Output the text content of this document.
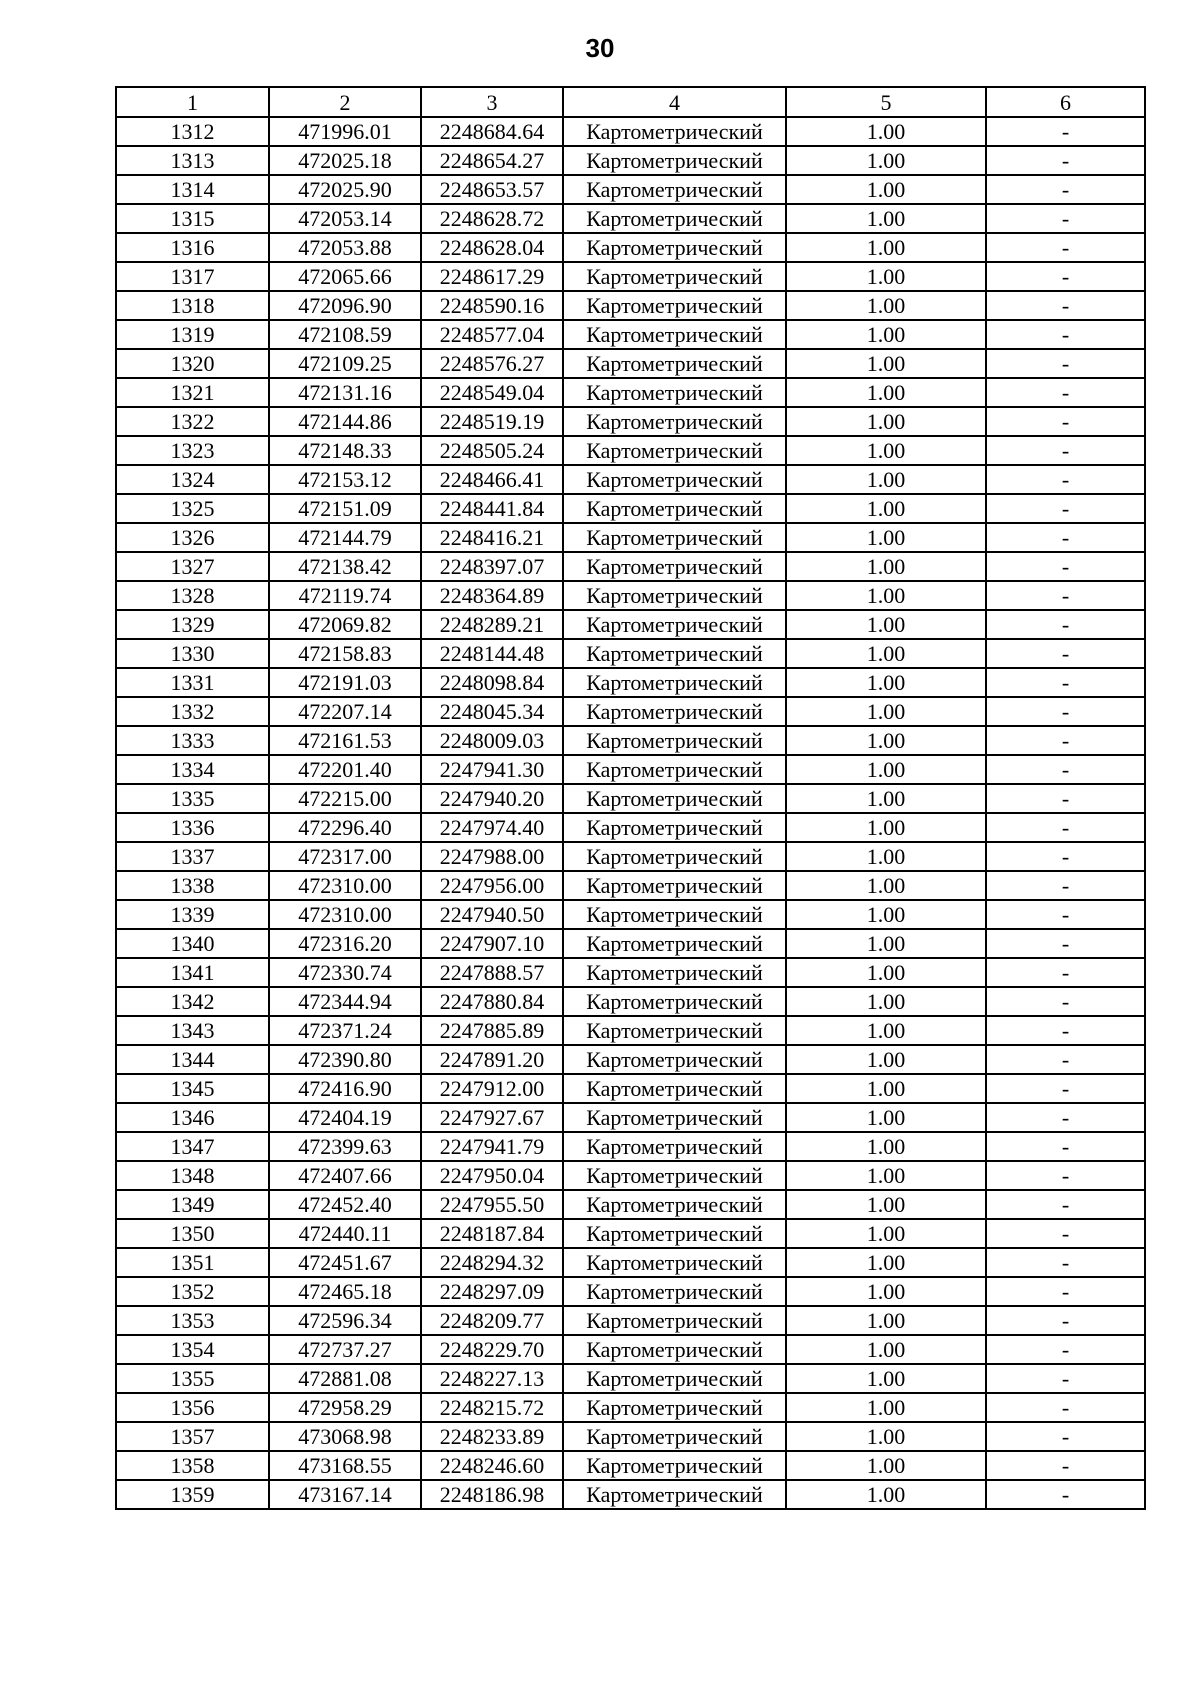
30
1	2	3	4	5	6
1312	471996.01	2248684.64	Картометрический	1.00	-
1313	472025.18	2248654.27	Картометрический	1.00	-
1314	472025.90	2248653.57	Картометрический	1.00	-
1315	472053.14	2248628.72	Картометрический	1.00	-
1316	472053.88	2248628.04	Картометрический	1.00	-
1317	472065.66	2248617.29	Картометрический	1.00	-
1318	472096.90	2248590.16	Картометрический	1.00	-
1319	472108.59	2248577.04	Картометрический	1.00	-
1320	472109.25	2248576.27	Картометрический	1.00	-
1321	472131.16	2248549.04	Картометрический	1.00	-
1322	472144.86	2248519.19	Картометрический	1.00	-
1323	472148.33	2248505.24	Картометрический	1.00	-
1324	472153.12	2248466.41	Картометрический	1.00	-
1325	472151.09	2248441.84	Картометрический	1.00	-
1326	472144.79	2248416.21	Картометрический	1.00	-
1327	472138.42	2248397.07	Картометрический	1.00	-
1328	472119.74	2248364.89	Картометрический	1.00	-
1329	472069.82	2248289.21	Картометрический	1.00	-
1330	472158.83	2248144.48	Картометрический	1.00	-
1331	472191.03	2248098.84	Картометрический	1.00	-
1332	472207.14	2248045.34	Картометрический	1.00	-
1333	472161.53	2248009.03	Картометрический	1.00	-
1334	472201.40	2247941.30	Картометрический	1.00	-
1335	472215.00	2247940.20	Картометрический	1.00	-
1336	472296.40	2247974.40	Картометрический	1.00	-
1337	472317.00	2247988.00	Картометрический	1.00	-
1338	472310.00	2247956.00	Картометрический	1.00	-
1339	472310.00	2247940.50	Картометрический	1.00	-
1340	472316.20	2247907.10	Картометрический	1.00	-
1341	472330.74	2247888.57	Картометрический	1.00	-
1342	472344.94	2247880.84	Картометрический	1.00	-
1343	472371.24	2247885.89	Картометрический	1.00	-
1344	472390.80	2247891.20	Картометрический	1.00	-
1345	472416.90	2247912.00	Картометрический	1.00	-
1346	472404.19	2247927.67	Картометрический	1.00	-
1347	472399.63	2247941.79	Картометрический	1.00	-
1348	472407.66	2247950.04	Картометрический	1.00	-
1349	472452.40	2247955.50	Картометрический	1.00	-
1350	472440.11	2248187.84	Картометрический	1.00	-
1351	472451.67	2248294.32	Картометрический	1.00	-
1352	472465.18	2248297.09	Картометрический	1.00	-
1353	472596.34	2248209.77	Картометрический	1.00	-
1354	472737.27	2248229.70	Картометрический	1.00	-
1355	472881.08	2248227.13	Картометрический	1.00	-
1356	472958.29	2248215.72	Картометрический	1.00	-
1357	473068.98	2248233.89	Картометрический	1.00	-
1358	473168.55	2248246.60	Картометрический	1.00	-
1359	473167.14	2248186.98	Картометрический	1.00	-
